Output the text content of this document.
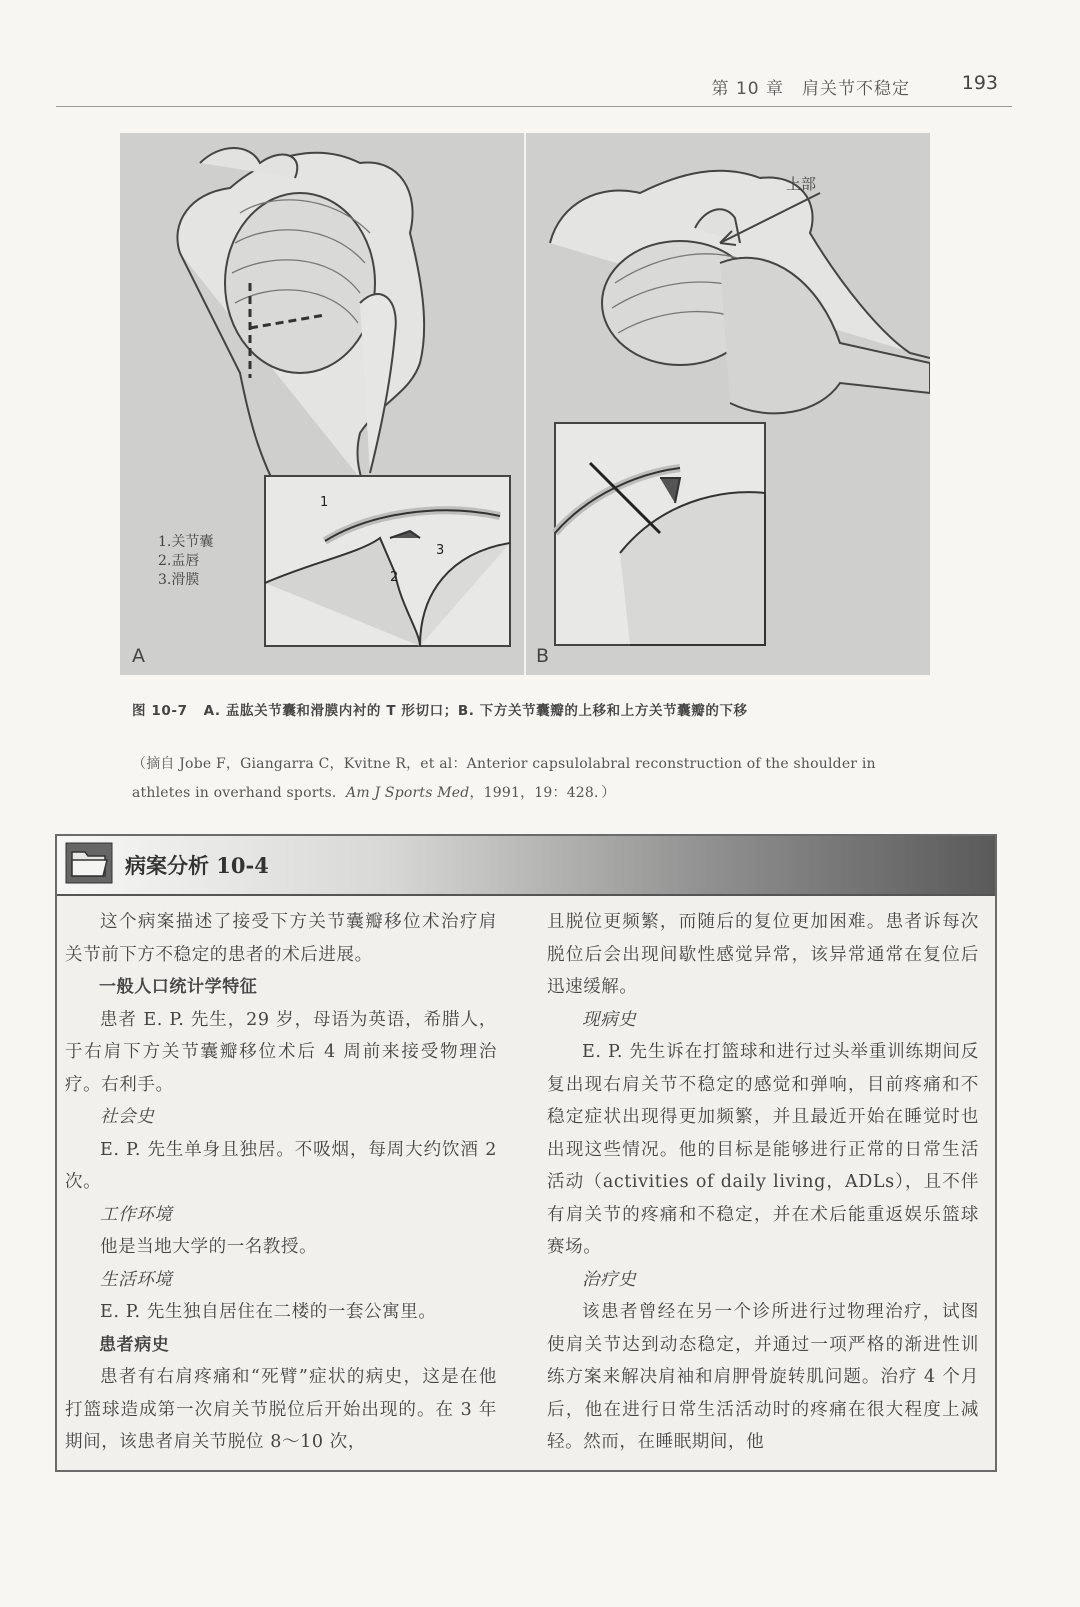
第 10 章　肩关节不稳定	193
A	B
1.关节囊
2.盂唇
3.滑膜
1
2
3
上部
图 10-7 A. 盂肱关节囊和滑膜内衬的 T 形切口；B. 下方关节囊瓣的上移和上方关节囊瓣的下移
（摘自 Jobe F，Giangarra C，Kvitne R，et al：Anterior capsulolabral reconstruction of the shoulder in athletes in overhand sports．Am J Sports Med，1991，19：428．）
病案分析 10-4

这个病案描述了接受下方关节囊瓣移位术治疗肩关节前下方不稳定的患者的术后进展。

一般人口统计学特征

患者 E. P. 先生，29 岁，母语为英语，希腊人，于右肩下方关节囊瓣移位术后 4 周前来接受物理治疗。右利手。

社会史

E. P. 先生单身且独居。不吸烟，每周大约饮酒 2 次。

工作环境

他是当地大学的一名教授。

生活环境

E. P. 先生独自居住在二楼的一套公寓里。

患者病史

患者有右肩疼痛和“死臂”症状的病史，这是在他打篮球造成第一次肩关节脱位后开始出现的。在 3 年期间，该患者肩关节脱位 8～10 次，

且脱位更频繁，而随后的复位更加困难。患者诉每次脱位后会出现间歇性感觉异常，该异常通常在复位后迅速缓解。

现病史

E. P. 先生诉在打篮球和进行过头举重训练期间反复出现右肩关节不稳定的感觉和弹响，目前疼痛和不稳定症状出现得更加频繁，并且最近开始在睡觉时也出现这些情况。他的目标是能够进行正常的日常生活活动（activities of daily living，ADLs），且不伴有肩关节的疼痛和不稳定，并在术后能重返娱乐篮球赛场。

治疗史

该患者曾经在另一个诊所进行过物理治疗，试图使肩关节达到动态稳定，并通过一项严格的渐进性训练方案来解决肩袖和肩胛骨旋转肌问题。治疗 4 个月后，他在进行日常生活活动时的疼痛在很大程度上减轻。然而，在睡眠期间，他
